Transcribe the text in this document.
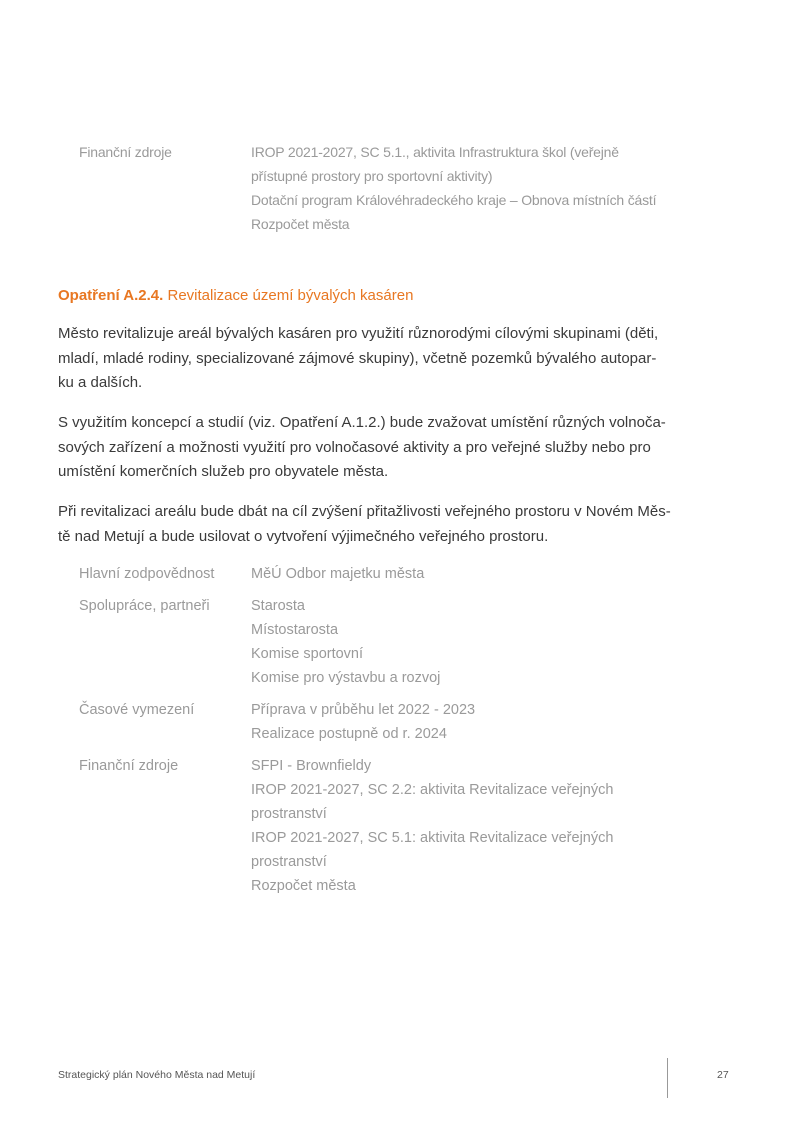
Finanční zdroje	IROP 2021-2027, SC 5.1., aktivita Infrastruktura škol (veřejně
přístupné prostory pro sportovní aktivity)
Dotační program Královéhradeckého kraje – Obnova místních částí
Rozpočet města
Opatření A.2.4. Revitalizace území bývalých kasáren
Město revitalizuje areál bývalých kasáren pro využití různorodými cílovými skupinami (děti,
mladí, mladé rodiny, specializované zájmové skupiny), včetně pozemků bývalého autopar-
ku a dalších.
S využitím koncepcí a studií (viz. Opatření A.1.2.) bude zvažovat umístění různých volnoča-
sových zařízení a možnosti využití pro volnočasové aktivity a pro veřejné služby nebo pro
umístění komerčních služeb pro obyvatele města.
Při revitalizaci areálu bude dbát na cíl zvýšení přitažlivosti veřejného prostoru v Novém Měs-
tě nad Metují a bude usilovat o vytvoření výjimečného veřejného prostoru.
Hlavní zodpovědnost	MěÚ Odbor majetku města
Spolupráce, partneři	Starosta
Místostarosta
Komise sportovní
Komise pro výstavbu a rozvoj
Časové vymezení	Příprava v průběhu let 2022 - 2023
Realizace postupně od r. 2024
Finanční zdroje	SFPI - Brownfieldy
IROP 2021-2027, SC 2.2: aktivita Revitalizace veřejných
prostranství
IROP 2021-2027, SC 5.1: aktivita Revitalizace veřejných
prostranství
Rozpočet města
Strategický plán Nového Města nad Metují	27
